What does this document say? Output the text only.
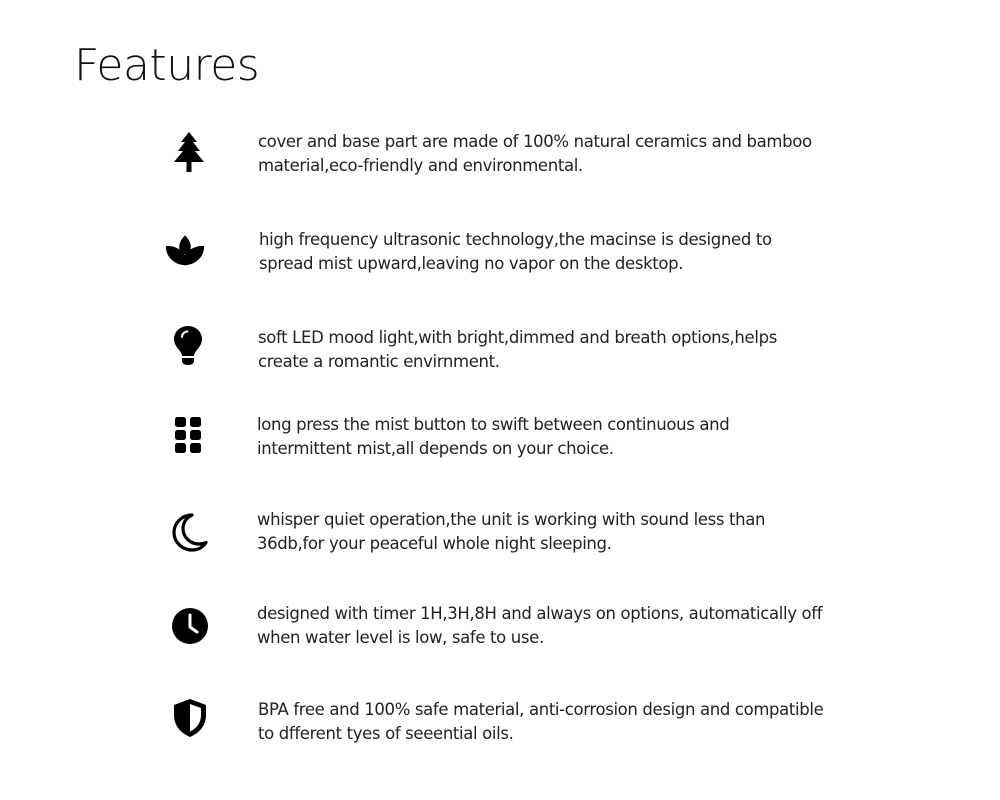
Features

cover and base part are made of 100% natural ceramics and bamboo material,eco-friendly and environmental.

high frequency ultrasonic technology,the macinse is designed to spread mist upward,leaving no vapor on the desktop.

soft LED mood light,with bright,dimmed and breath options,helps create a romantic envirnment.

long press the mist button to swift between continuous and intermittent mist,all depends on your choice.

whisper quiet operation,the unit is working with sound less than 36db,for your peaceful whole night sleeping.

designed with timer 1H,3H,8H and always on options, automatically off when water level is low, safe to use.

BPA free and 100% safe material, anti-corrosion design and compatible to dfferent tyes of seeential oils.
